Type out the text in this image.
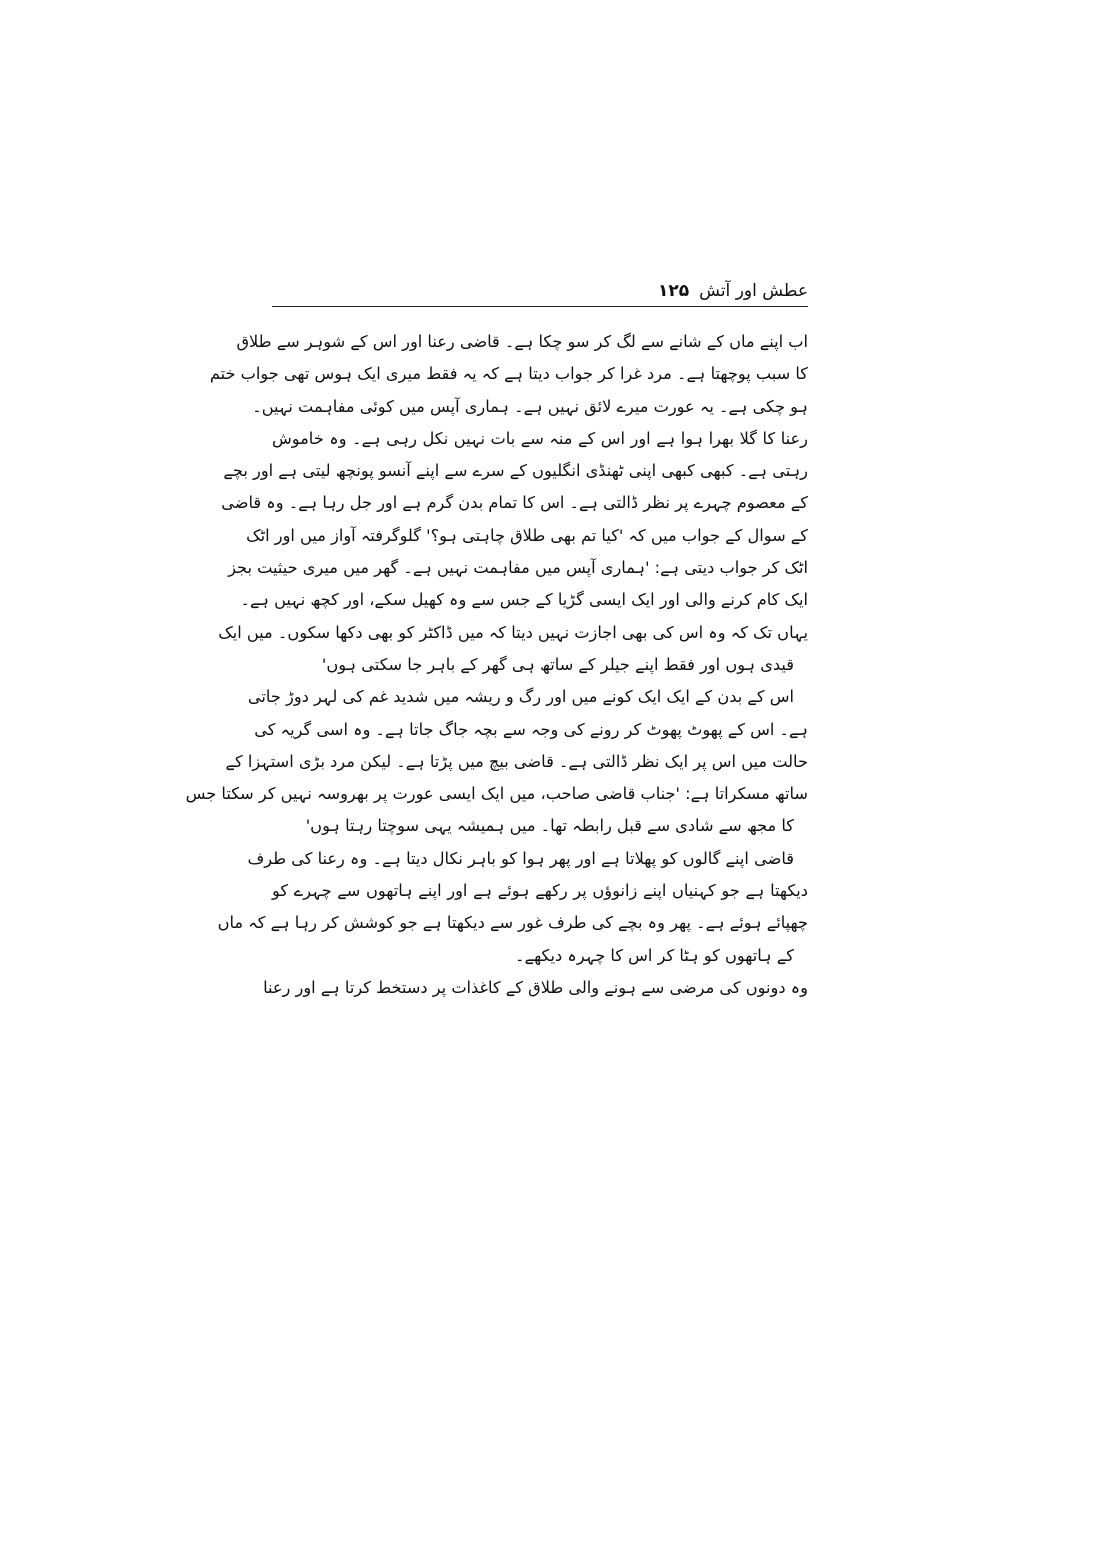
عطش اور آتش
۱۲۵
اب اپنے ماں کے شانے سے لگ کر سو چکا ہے۔ قاضی رعنا اور اس کے شوہر سے طلاق
کا سبب پوچھتا ہے۔ مرد غرا کر جواب دیتا ہے کہ یہ فقط میری ایک ہوس تھی جواب ختم
ہو چکی ہے۔ یہ عورت میرے لائق نہیں ہے۔ ہماری آپس میں کوئی مفاہمت نہیں۔
رعنا کا گلا بھرا ہوا ہے اور اس کے منہ سے بات نہیں نکل رہی ہے۔ وہ خاموش
رہتی ہے۔ کبھی کبھی اپنی ٹھنڈی انگلیوں کے سرے سے اپنے آنسو پونچھ لیتی ہے اور بچے
کے معصوم چہرے پر نظر ڈالتی ہے۔ اس کا تمام بدن گرم ہے اور جل رہا ہے۔ وہ قاضی
کے سوال کے جواب میں کہ 'کیا تم بھی طلاق چاہتی ہو؟' گلوگرفتہ آواز میں اور اٹک
اٹک کر جواب دیتی ہے: 'ہماری آپس میں مفاہمت نہیں ہے۔ گھر میں میری حیثیت بجز
ایک کام کرنے والی اور ایک ایسی گڑیا کے جس سے وہ کھیل سکے، اور کچھ نہیں ہے۔
یہاں تک کہ وہ اس کی بھی اجازت نہیں دیتا کہ میں ڈاکٹر کو بھی دکھا سکوں۔ میں ایک
قیدی ہوں اور فقط اپنے جیلر کے ساتھ ہی گھر کے باہر جا سکتی ہوں'
اس کے بدن کے ایک ایک کونے میں اور رگ و ریشہ میں شدید غم کی لہر دوڑ جاتی
ہے۔ اس کے پھوٹ پھوٹ کر رونے کی وجہ سے بچہ جاگ جاتا ہے۔ وہ اسی گریہ کی
حالت میں اس پر ایک نظر ڈالتی ہے۔ قاضی بیچ میں پڑتا ہے۔ لیکن مرد بڑی استہزا کے
ساتھ مسکراتا ہے: 'جناب قاضی صاحب، میں ایک ایسی عورت پر بھروسہ نہیں کر سکتا جس
کا مجھ سے شادی سے قبل رابطہ تھا۔ میں ہمیشہ یہی سوچتا رہتا ہوں'
قاضی اپنے گالوں کو پھلاتا ہے اور پھر ہوا کو باہر نکال دیتا ہے۔ وہ رعنا کی طرف
دیکھتا ہے جو کہنیاں اپنے زانوؤں پر رکھے ہوئے ہے اور اپنے ہاتھوں سے چہرے کو
چھپائے ہوئے ہے۔ پھر وہ بچے کی طرف غور سے دیکھتا ہے جو کوشش کر رہا ہے کہ ماں
کے ہاتھوں کو ہٹا کر اس کا چہرہ دیکھے۔
وہ دونوں کی مرضی سے ہونے والی طلاق کے کاغذات پر دستخط کرتا ہے اور رعنا
